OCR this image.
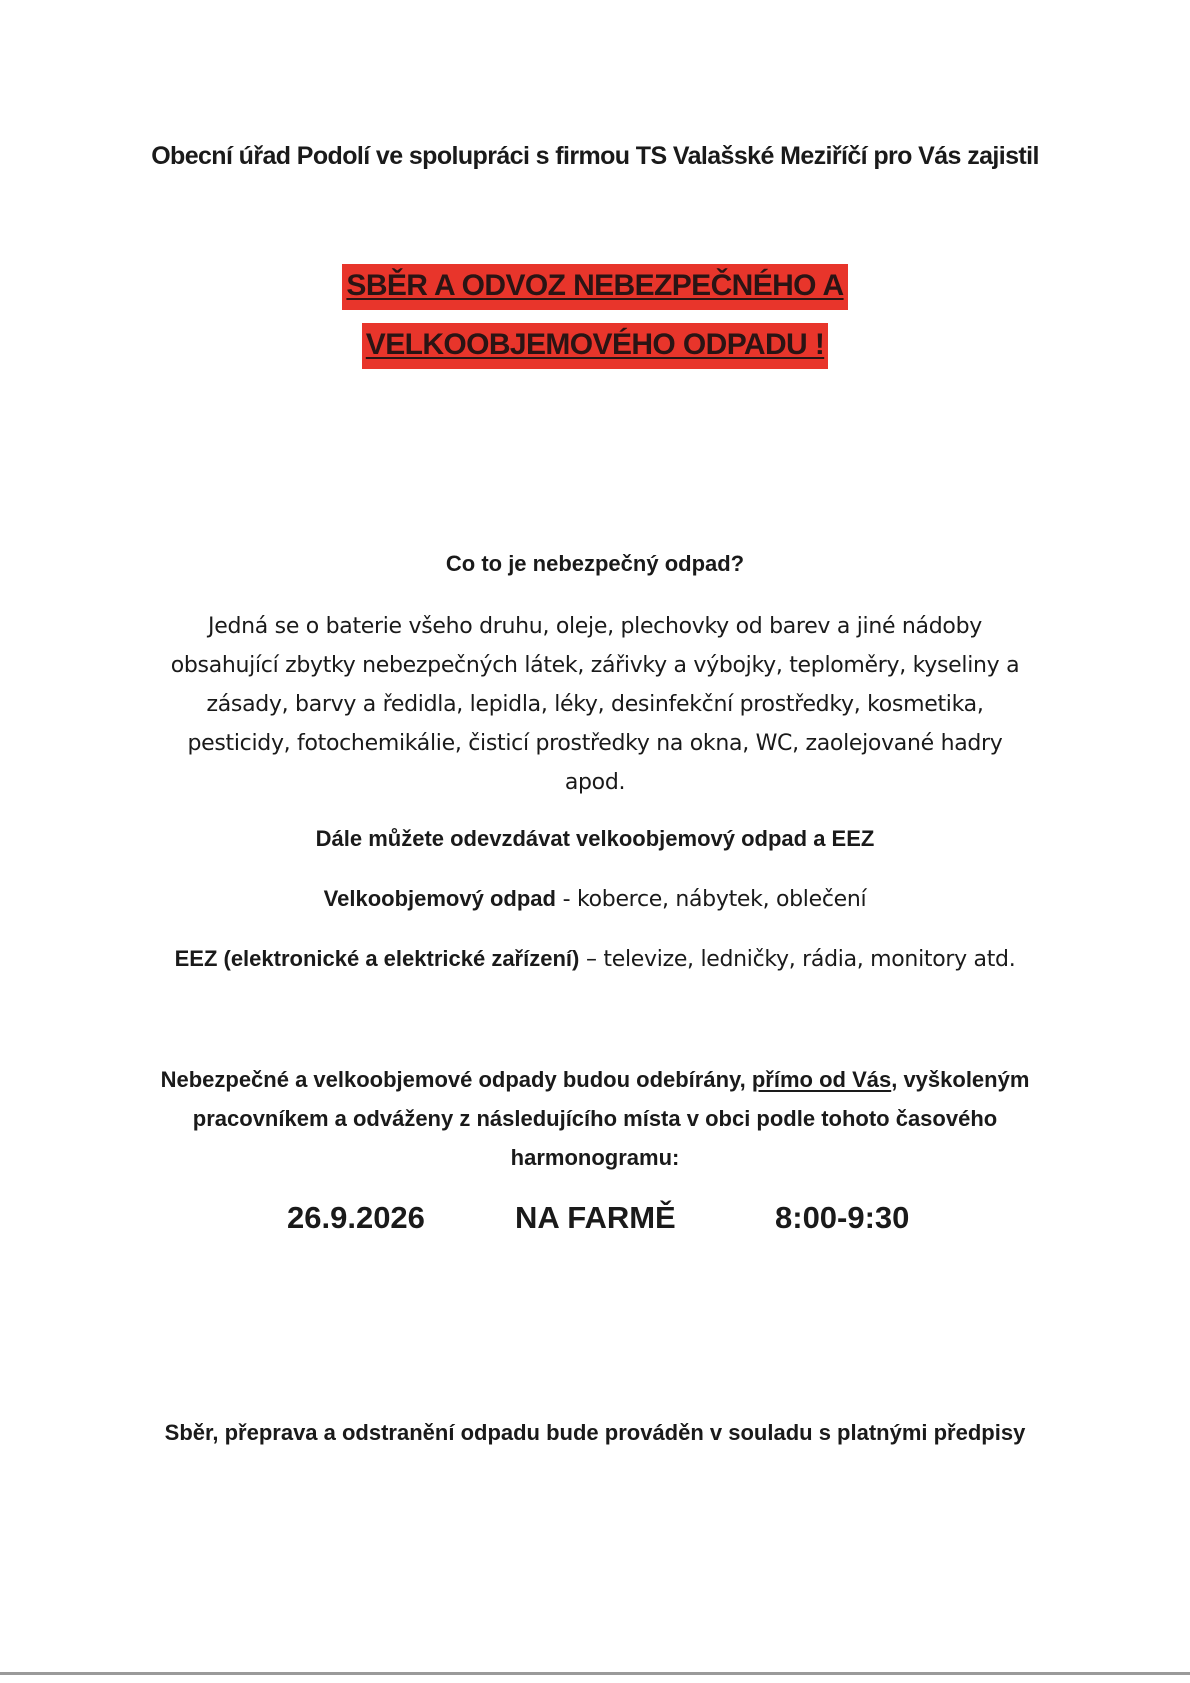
Obecní úřad Podolí ve spolupráci s firmou TS Valašské Meziříčí pro Vás zajistil
SBĚR A ODVOZ NEBEZPEČNÉHO A
VELKOOBJEMOVÉHO ODPADU !
Co to je nebezpečný odpad?
Jedná se o baterie všeho druhu, oleje, plechovky od barev a jiné nádoby obsahující zbytky nebezpečných látek, zářivky a výbojky, teploměry, kyseliny a zásady, barvy a ředidla, lepidla, léky, desinfekční prostředky, kosmetika, pesticidy, fotochemikálie, čisticí prostředky na okna, WC, zaolejované hadry apod.
Dále můžete odevzdávat velkoobjemový odpad a EEZ
Velkoobjemový odpad - koberce, nábytek, oblečení
EEZ (elektronické a elektrické zařízení) – televize, ledničky, rádia, monitory atd.
Nebezpečné a velkoobjemové odpady budou odebírány, přímo od Vás, vyškoleným pracovníkem a odváženy z následujícího místa v obci podle tohoto časového harmonogramu:
26.9.2026	NA FARMĚ	8:00-9:30
Sběr, přeprava a odstranění odpadu bude prováděn v souladu s platnými předpisy
